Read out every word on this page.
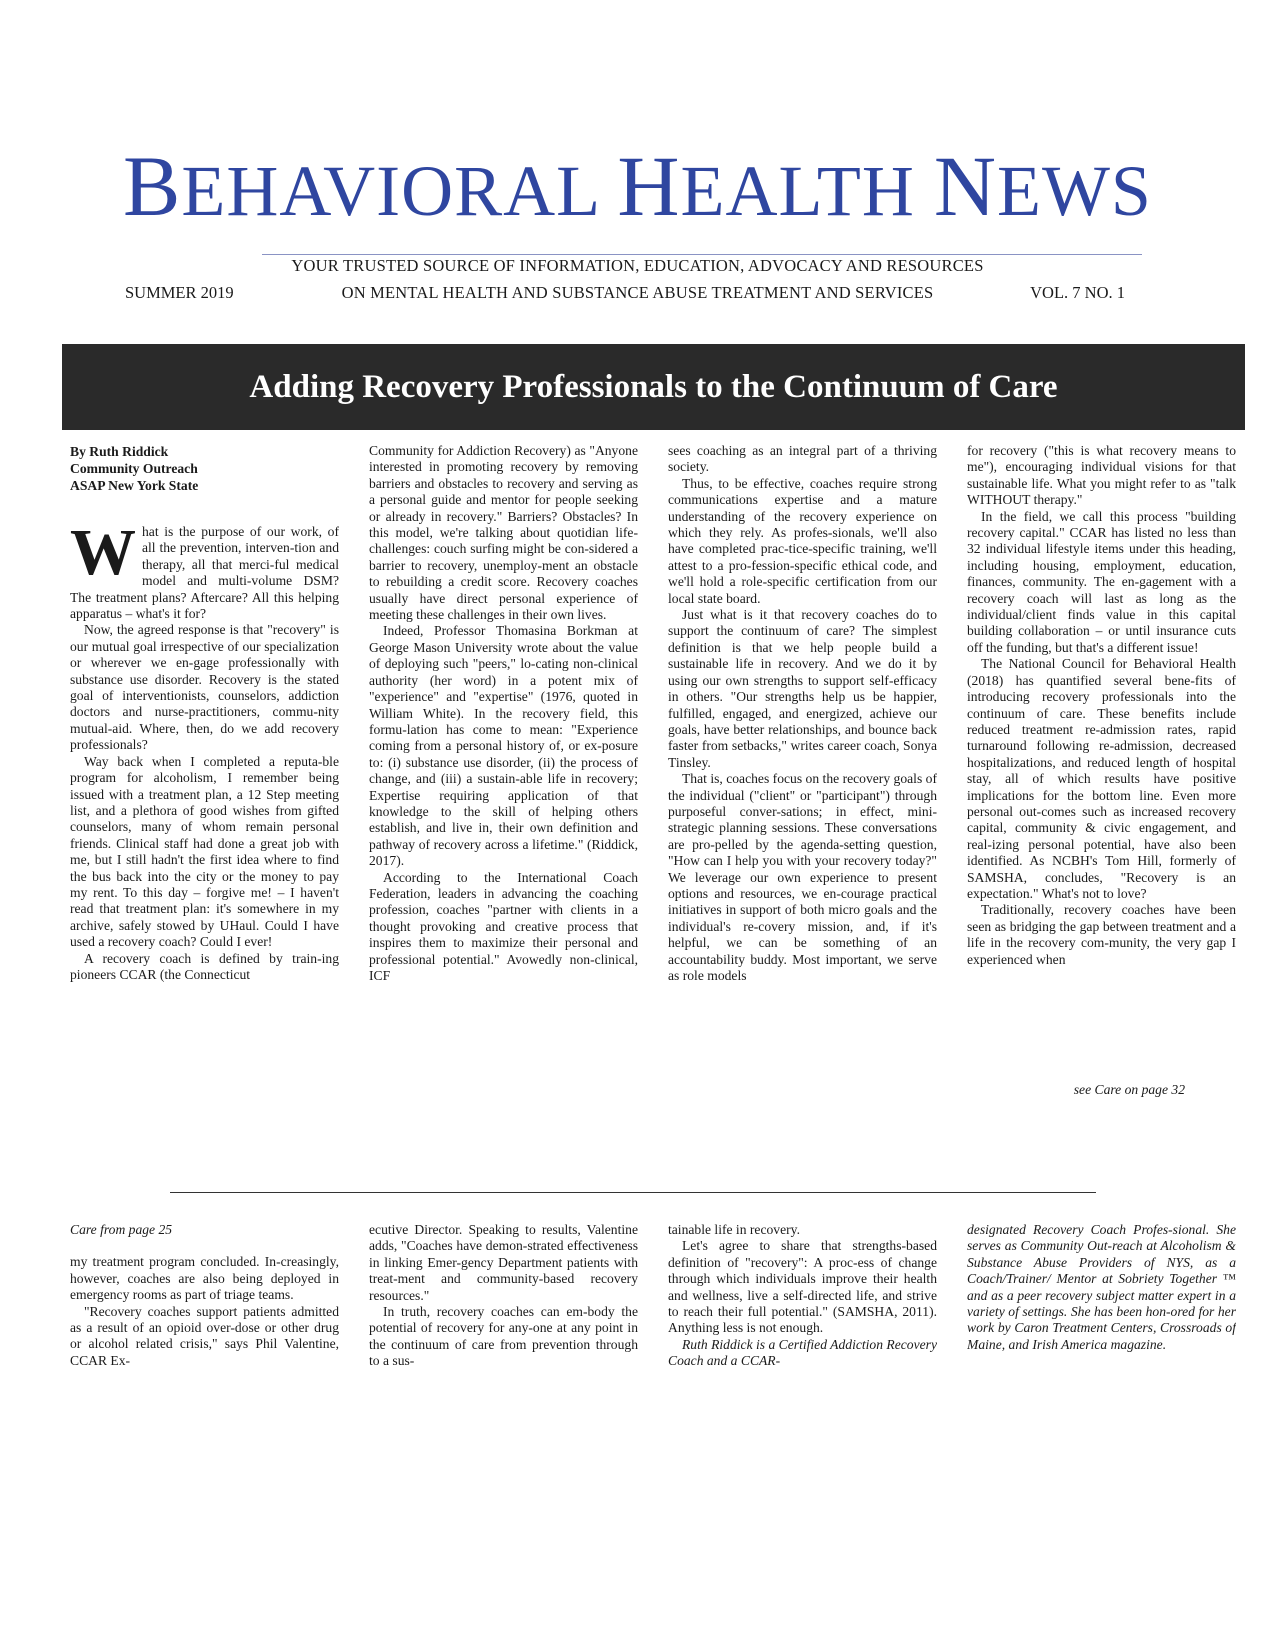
BEHAVIORAL HEALTH NEWS
YOUR TRUSTED SOURCE OF INFORMATION, EDUCATION, ADVOCACY AND RESOURCES
ON MENTAL HEALTH AND SUBSTANCE ABUSE TREATMENT AND SERVICES
SUMMER 2019	VOL. 7 NO. 1
Adding Recovery Professionals to the Continuum of Care
By Ruth Riddick
Community Outreach
ASAP New York State

What is the purpose of our work, of all the prevention, interven-tion and therapy, all that merci-ful medical model and multi-volume DSM? The treatment plans? Aftercare? All this helping apparatus – what's it for?

Now, the agreed response is that "recovery" is our mutual goal irrespective of our specialization or wherever we en-gage professionally with substance use disorder. Recovery is the stated goal of interventionists, counselors, addiction doctors and nurse-practitioners, commu-nity mutual-aid. Where, then, do we add recovery professionals?

Way back when I completed a reputa-ble program for alcoholism, I remember being issued with a treatment plan, a 12 Step meeting list, and a plethora of good wishes from gifted counselors, many of whom remain personal friends. Clinical staff had done a great job with me, but I still hadn't the first idea where to find the bus back into the city or the money to pay my rent. To this day – forgive me! – I haven't read that treatment plan: it's somewhere in my archive, safely stowed by UHaul. Could I have used a recovery coach? Could I ever!

A recovery coach is defined by train-ing pioneers CCAR (the Connecticut

Community for Addiction Recovery) as "Anyone interested in promoting recovery by removing barriers and obstacles to recovery and serving as a personal guide and mentor for people seeking or already in recovery." Barriers? Obstacles? In this model, we're talking about quotidian life-challenges: couch surfing might be con-sidered a barrier to recovery, unemploy-ment an obstacle to rebuilding a credit score. Recovery coaches usually have direct personal experience of meeting these challenges in their own lives.

Indeed, Professor Thomasina Borkman at George Mason University wrote about the value of deploying such "peers," lo-cating non-clinical authority (her word) in a potent mix of "experience" and "expertise" (1976, quoted in William White). In the recovery field, this formu-lation has come to mean: "Experience coming from a personal history of, or ex-posure to: (i) substance use disorder, (ii) the process of change, and (iii) a sustain-able life in recovery; Expertise requiring application of that knowledge to the skill of helping others establish, and live in, their own definition and pathway of recovery across a lifetime." (Riddick, 2017).

According to the International Coach Federation, leaders in advancing the coaching profession, coaches "partner with clients in a thought provoking and creative process that inspires them to maximize their personal and professional potential." Avowedly non-clinical, ICF

sees coaching as an integral part of a thriving society.

Thus, to be effective, coaches require strong communications expertise and a mature understanding of the recovery experience on which they rely. As profes-sionals, we'll also have completed prac-tice-specific training, we'll attest to a pro-fession-specific ethical code, and we'll hold a role-specific certification from our local state board.

Just what is it that recovery coaches do to support the continuum of care? The simplest definition is that we help people build a sustainable life in recovery. And we do it by using our own strengths to support self-efficacy in others. "Our strengths help us be happier, fulfilled, engaged, and energized, achieve our goals, have better relationships, and bounce back faster from setbacks," writes career coach, Sonya Tinsley.

That is, coaches focus on the recovery goals of the individual ("client" or "participant") through purposeful conver-sations; in effect, mini-strategic planning sessions. These conversations are pro-pelled by the agenda-setting question, "How can I help you with your recovery today?" We leverage our own experience to present options and resources, we en-courage practical initiatives in support of both micro goals and the individual's re-covery mission, and, if it's helpful, we can be something of an accountability buddy. Most important, we serve as role models

for recovery ("this is what recovery means to me"), encouraging individual visions for that sustainable life. What you might refer to as "talk WITHOUT therapy."

In the field, we call this process "building recovery capital." CCAR has listed no less than 32 individual lifestyle items under this heading, including housing, employment, education, finances, community. The en-gagement with a recovery coach will last as long as the individual/client finds value in this capital building collaboration – or until insurance cuts off the funding, but that's a different issue!

The National Council for Behavioral Health (2018) has quantified several bene-fits of introducing recovery professionals into the continuum of care. These benefits include reduced treatment re-admission rates, rapid turnaround following re-admission, decreased hospitalizations, and reduced length of hospital stay, all of which results have positive implications for the bottom line. Even more personal out-comes such as increased recovery capital, community & civic engagement, and real-izing personal potential, have also been identified. As NCBH's Tom Hill, formerly of SAMSHA, concludes, "Recovery is an expectation." What's not to love?

Traditionally, recovery coaches have been seen as bridging the gap between treatment and a life in the recovery com-munity, the very gap I experienced when

see Care on page 32
Care from page 25

my treatment program concluded. In-creasingly, however, coaches are also being deployed in emergency rooms as part of triage teams.

"Recovery coaches support patients admitted as a result of an opioid over-dose or other drug or alcohol related crisis," says Phil Valentine, CCAR Ex-

ecutive Director. Speaking to results, Valentine adds, "Coaches have demon-strated effectiveness in linking Emer-gency Department patients with treat-ment and community-based recovery resources."

In truth, recovery coaches can em-body the potential of recovery for any-one at any point in the continuum of care from prevention through to a sus-

tainable life in recovery.

Let's agree to share that strengths-based definition of "recovery": A proc-ess of change through which individuals improve their health and wellness, live a self-directed life, and strive to reach their full potential." (SAMSHA, 2011). Anything less is not enough.

Ruth Riddick is a Certified Addiction Recovery Coach and a CCAR-

designated Recovery Coach Profes-sional. She serves as Community Out-reach at Alcoholism & Substance Abuse Providers of NYS, as a Coach/Trainer/ Mentor at Sobriety Together ™ and as a peer recovery subject matter expert in a variety of settings. She has been hon-ored for her work by Caron Treatment Centers, Crossroads of Maine, and Irish America magazine.
